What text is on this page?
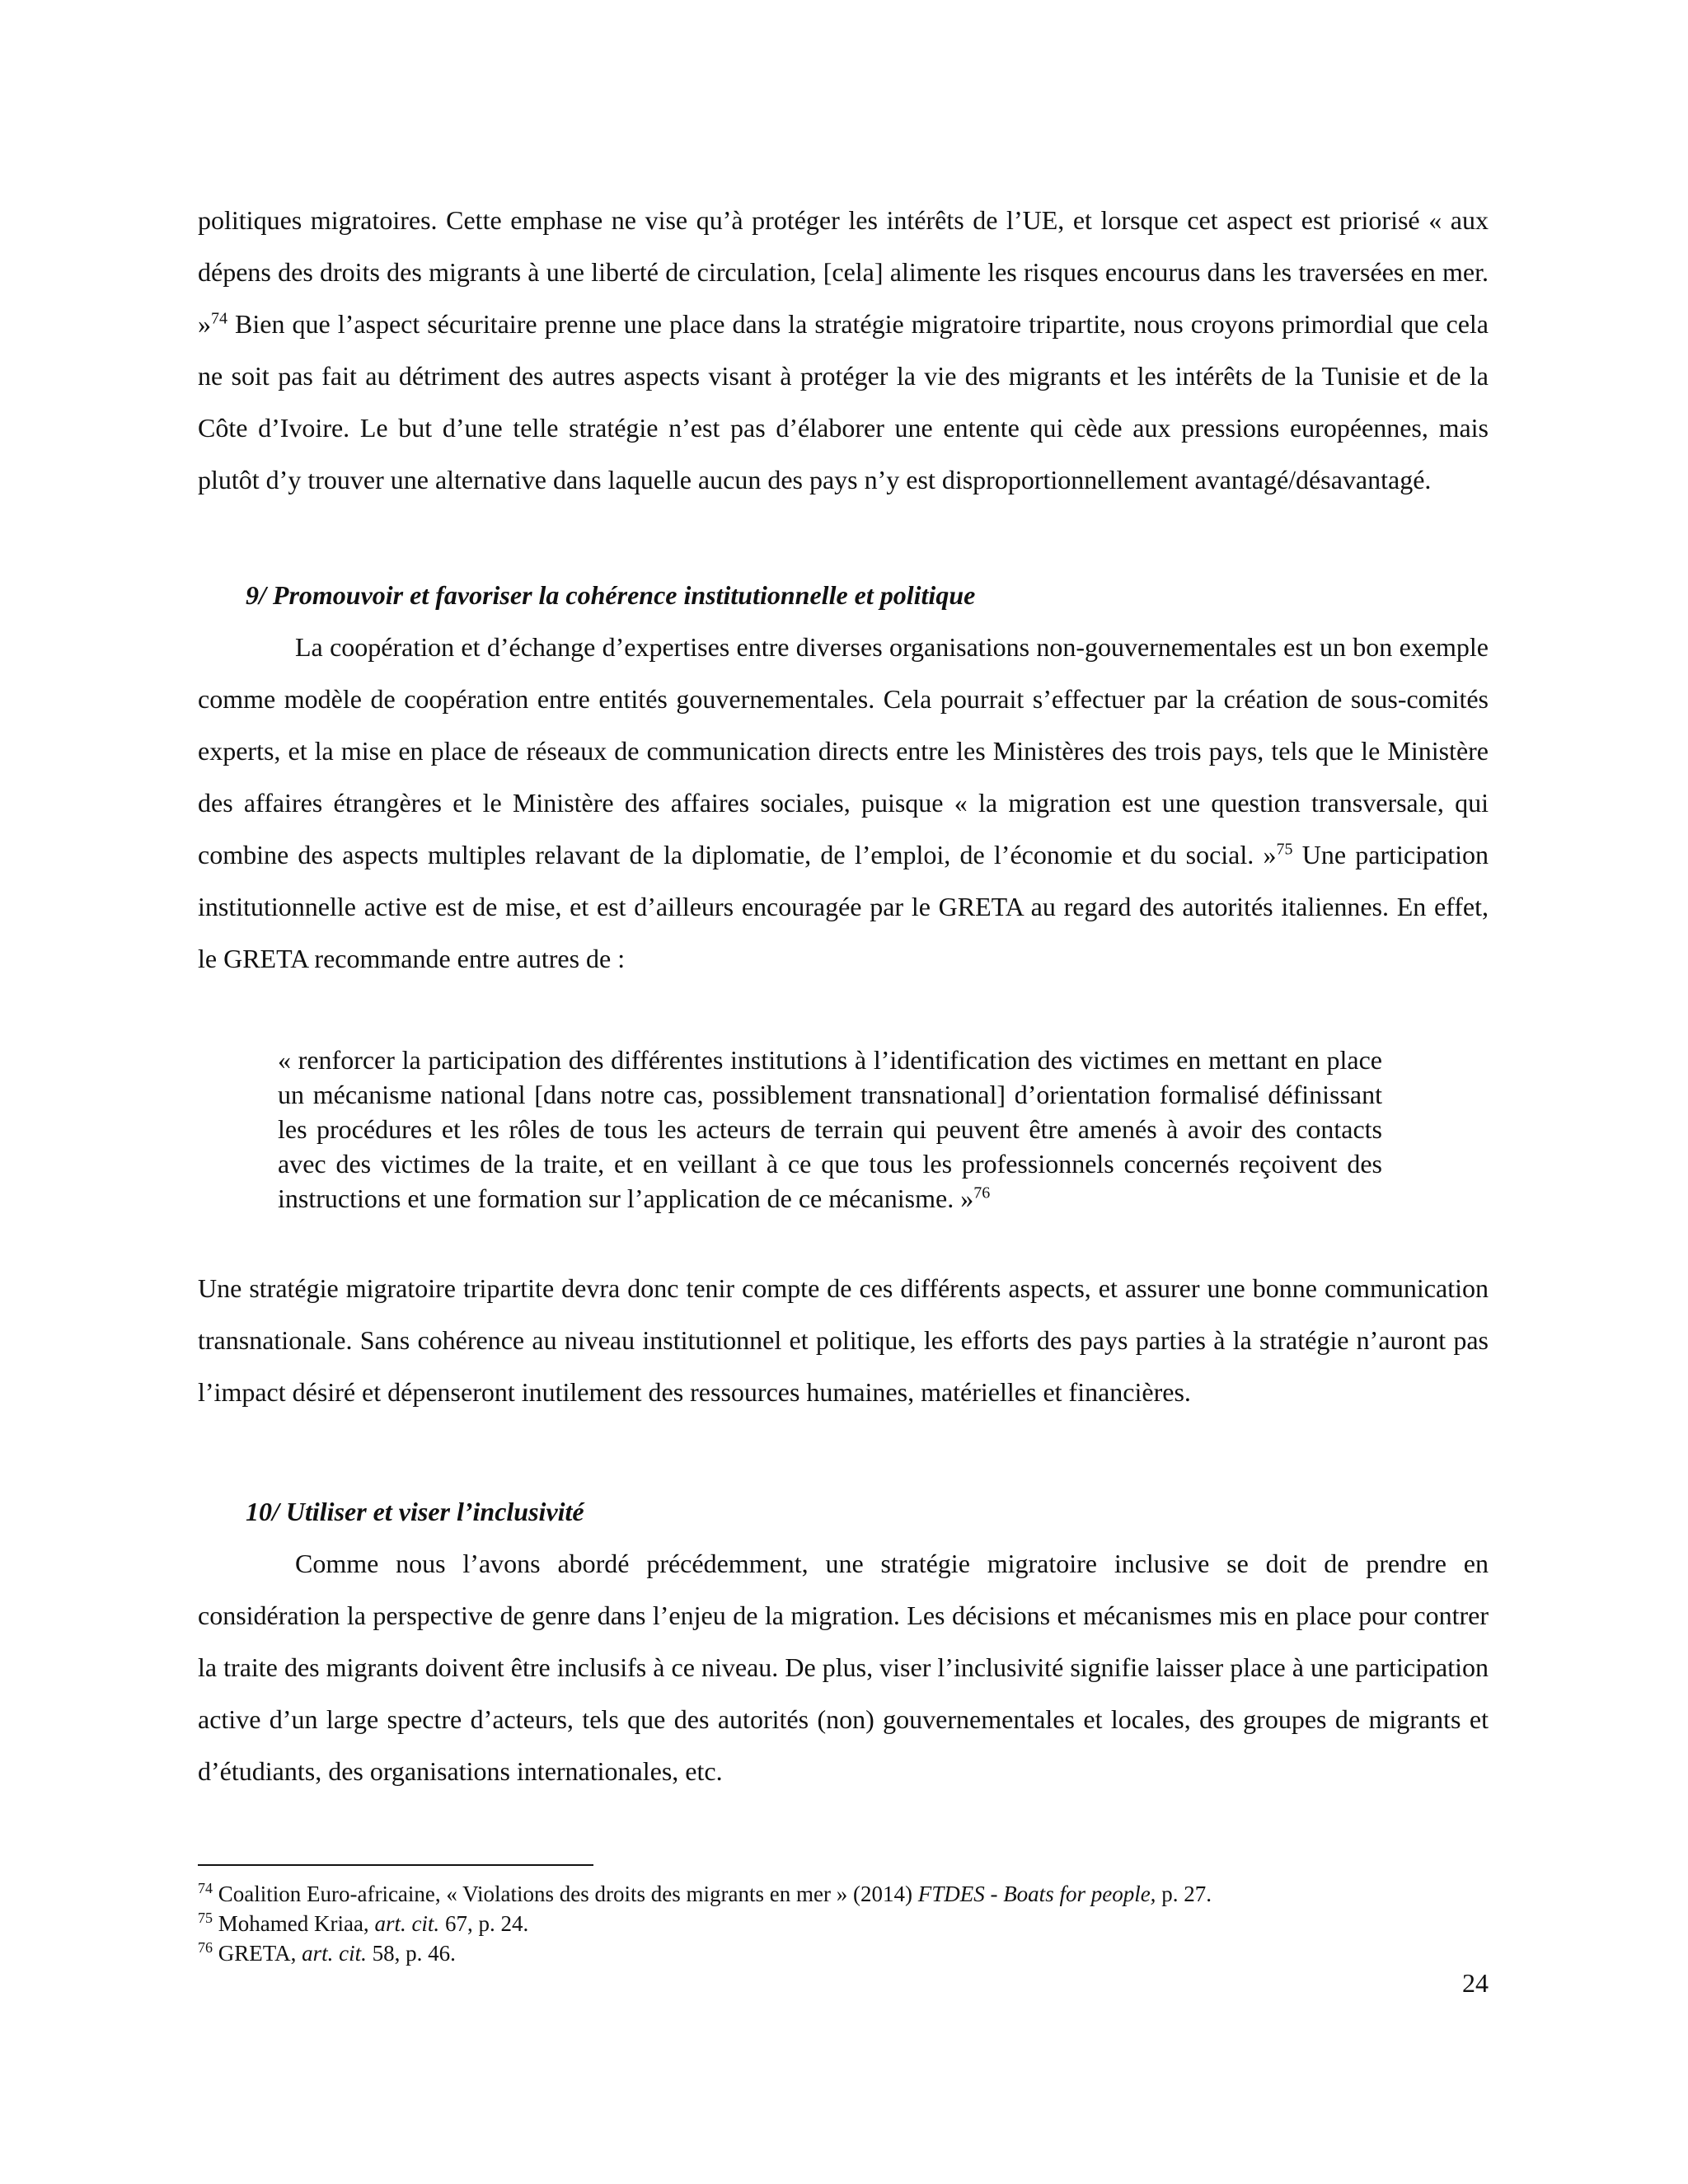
politiques migratoires. Cette emphase ne vise qu’à protéger les intérêts de l’UE, et lorsque cet aspect est priorisé « aux dépens des droits des migrants à une liberté de circulation, [cela] alimente les risques encourus dans les traversées en mer. »$^{74}$ Bien que l’aspect sécuritaire prenne une place dans la stratégie migratoire tripartite, nous croyons primordial que cela ne soit pas fait au détriment des autres aspects visant à protéger la vie des migrants et les intérêts de la Tunisie et de la Côte d’Ivoire. Le but d’une telle stratégie n’est pas d’élaborer une entente qui cède aux pressions européennes, mais plutôt d’y trouver une alternative dans laquelle aucun des pays n’y est disproportionnellement avantagé/désavantagé.

9/ Promouvoir et favoriser la cohérence institutionnelle et politique

La coopération et d’échange d’expertises entre diverses organisations non-gouvernementales est un bon exemple comme modèle de coopération entre entités gouvernementales. Cela pourrait s’effectuer par la création de sous-comités experts, et la mise en place de réseaux de communication directs entre les Ministères des trois pays, tels que le Ministère des affaires étrangères et le Ministère des affaires sociales, puisque « la migration est une question transversale, qui combine des aspects multiples relavant de la diplomatie, de l’emploi, de l’économie et du social. »$^{75}$ Une participation institutionnelle active est de mise, et est d’ailleurs encouragée par le GRETA au regard des autorités italiennes. En effet, le GRETA recommande entre autres de :

« renforcer la participation des différentes institutions à l’identification des victimes en mettant en place un mécanisme national [dans notre cas, possiblement transnational] d’orientation formalisé définissant les procédures et les rôles de tous les acteurs de terrain qui peuvent être amenés à avoir des contacts avec des victimes de la traite, et en veillant à ce que tous les professionnels concernés reçoivent des instructions et une formation sur l’application de ce mécanisme. »$^{76}$

Une stratégie migratoire tripartite devra donc tenir compte de ces différents aspects, et assurer une bonne communication transnationale. Sans cohérence au niveau institutionnel et politique, les efforts des pays parties à la stratégie n’auront pas l’impact désiré et dépenseront inutilement des ressources humaines, matérielles et financières.

10/ Utiliser et viser l’inclusivité

Comme nous l’avons abordé précédemment, une stratégie migratoire inclusive se doit de prendre en considération la perspective de genre dans l’enjeu de la migration. Les décisions et mécanismes mis en place pour contrer la traite des migrants doivent être inclusifs à ce niveau. De plus, viser l’inclusivité signifie laisser place à une participation active d’un large spectre d’acteurs, tels que des autorités (non) gouvernementales et locales, des groupes de migrants et d’étudiants, des organisations internationales, etc.

$^{74}$ Coalition Euro-africaine, « Violations des droits des migrants en mer » (2014) FTDES - Boats for people, p. 27.

$^{75}$ Mohamed Kriaa, art. cit. 67, p. 24.

$^{76}$ GRETA, art. cit. 58, p. 46.

24
